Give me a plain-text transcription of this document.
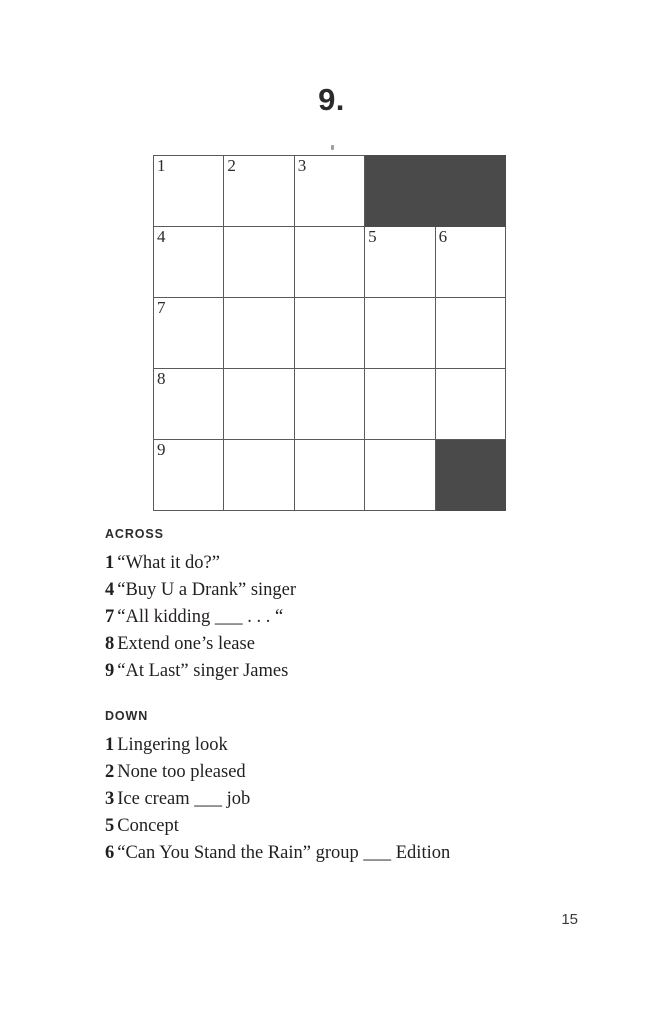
9.
1	2	3		

4			5	6

7				

8				

9				

ACROSS
1 “What it do?”
4 “Buy U a Drank” singer
7 “All kidding ___ . . . “
8 Extend one’s lease
9 “At Last” singer James
DOWN
1 Lingering look
2 None too pleased
3 Ice cream ___ job
5 Concept
6 “Can You Stand the Rain” group ___ Edition
15
